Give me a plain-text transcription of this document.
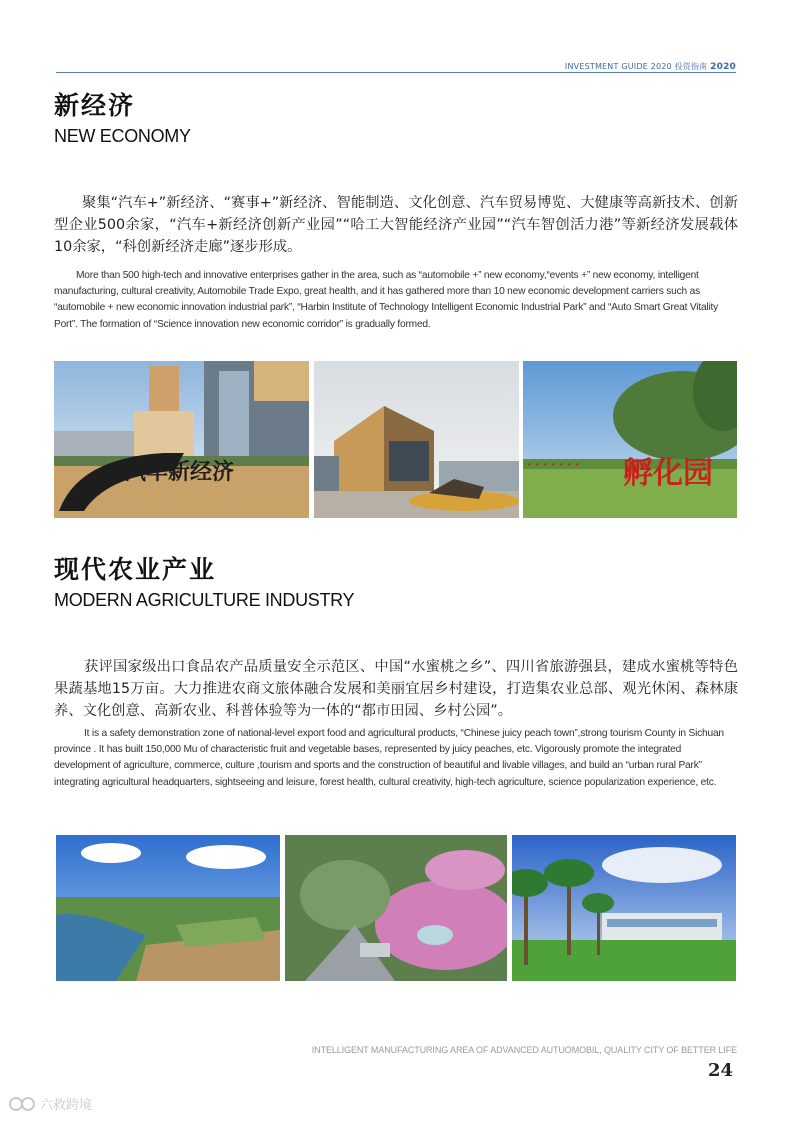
INVESTMENT GUIDE 2020 投资指南 2020
新经济
NEW ECONOMY
聚集“汽车+”新经济、“赛事+”新经济、智能制造、文化创意、汽车贸易博览、大健康等高新技术、创新型企业500余家，“汽车+新经济创新产业园”“哈工大智能经济产业园”“汽车智创活力港”等新经济发展载体10余家，“科创新经济走廊”逐步形成。
More than 500 high-tech and innovative enterprises gather in the area, such as “automobile +” new economy,“events +” new economy, intelligent manufacturing, cultural creativity, Automobile Trade Expo, great health, and it has gathered more than 10 new economic development carriers such as “automobile + new economic innovation industrial park”, “Harbin Institute of Technology Intelligent Economic Industrial Park” and “Auto Smart Great Vitality Port”. The formation of “Science innovation new economic corridor” is gradually formed.
汽车新经济	· · · · · · · 孵化园
现代农业产业
MODERN AGRICULTURE INDUSTRY
获评国家级出口食品农产品质量安全示范区、中国“水蜜桃之乡”、四川省旅游强县，建成水蜜桃等特色果蔬基地15万亩。大力推进农商文旅体融合发展和美丽宜居乡村建设，打造集农业总部、观光休闲、森林康养、文化创意、高新农业、科普体验等为一体的“都市田园、乡村公园”。
It is a safety demonstration zone of national-level export food and agricultural products, “Chinese juicy peach town”,strong tourism County in Sichuan province . It has built 150,000 Mu of characteristic fruit and vegetable bases, represented by juicy peaches, etc. Vigorously promote the integrated development of agriculture, commerce, culture ,tourism and sports and the construction of beautiful and livable villages, and build an “urban rural Park” integrating agricultural headquarters, sightseeing and leisure, forest health, cultural creativity, high-tech agriculture, science popularization experience, etc.
INTELLIGENT MANUFACTURING AREA OF ADVANCED AUTUOMOBIL, QUALITY CITY OF BETTER LIFE
24
六救跨境
